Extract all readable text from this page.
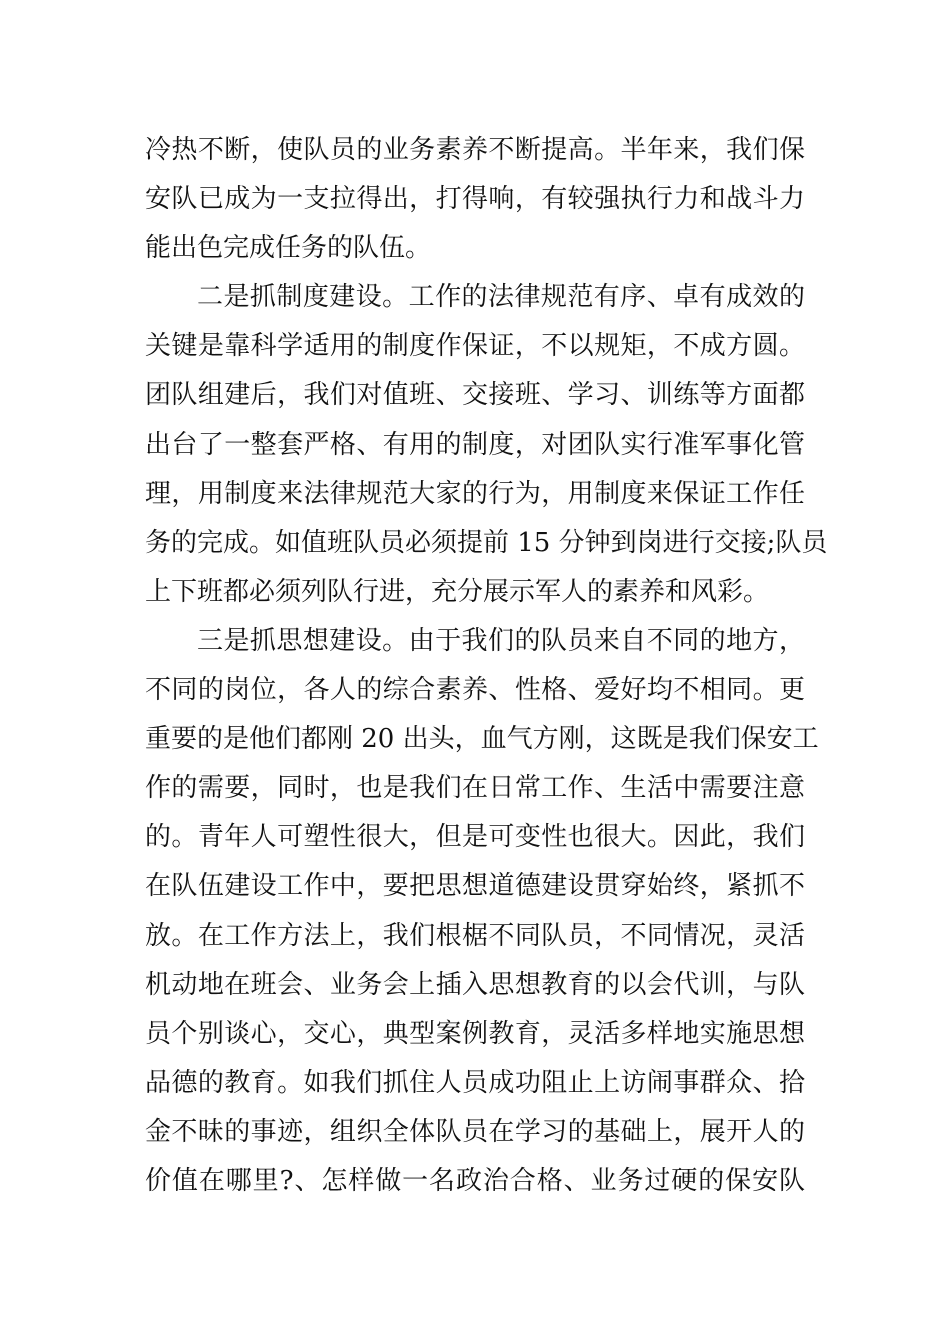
冷热不断，使队员的业务素养不断提高。半年来，我们保
安队已成为一支拉得出，打得响，有较强执行力和战斗力
能出色完成任务的队伍。
二是抓制度建设。工作的法律规范有序、卓有成效的
关键是靠科学适用的制度作保证，不以规矩，不成方圆。
团队组建后，我们对值班、交接班、学习、训练等方面都
出台了一整套严格、有用的制度，对团队实行准军事化管
理，用制度来法律规范大家的行为，用制度来保证工作任
务的完成。如值班队员必须提前 15 分钟到岗进行交接;队员
上下班都必须列队行进，充分展示军人的素养和风彩。
三是抓思想建设。由于我们的队员来自不同的地方，
不同的岗位，各人的综合素养、性格、爱好均不相同。更
重要的是他们都刚 20 出头，血气方刚，这既是我们保安工
作的需要，同时，也是我们在日常工作、生活中需要注意
的。青年人可塑性很大，但是可变性也很大。因此，我们
在队伍建设工作中，要把思想道德建设贯穿始终，紧抓不
放。在工作方法上，我们根椐不同队员，不同情况，灵活
机动地在班会、业务会上插入思想教育的以会代训，与队
员个别谈心，交心，典型案例教育，灵活多样地实施思想
品德的教育。如我们抓住人员成功阻止上访闹事群众、拾
金不昧的事迹，组织全体队员在学习的基础上，展开人的
价值在哪里?、怎样做一名政治合格、业务过硬的保安队
